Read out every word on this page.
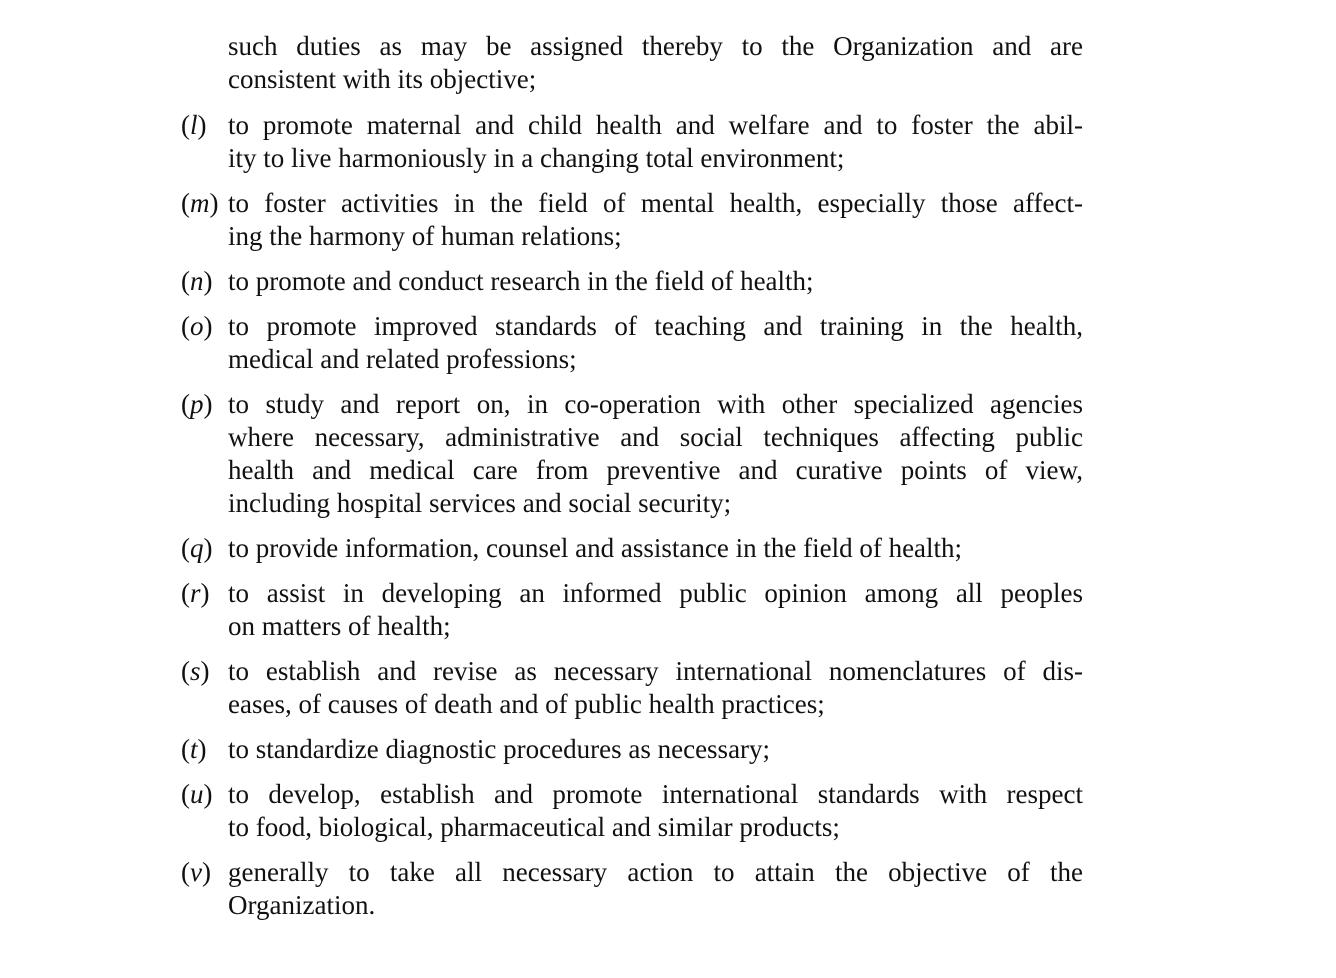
such duties as may be assigned thereby to the Organization and are
consistent with its objective;
(l) to promote maternal and child health and welfare and to foster the abil-
ity to live harmoniously in a changing total environment;
(m) to foster activities in the field of mental health, especially those affect-
ing the harmony of human relations;
(n) to promote and conduct research in the field of health;
(o) to promote improved standards of teaching and training in the health,
medical and related professions;
(p) to study and report on, in co-operation with other specialized agencies
where necessary, administrative and social techniques affecting public
health and medical care from preventive and curative points of view,
including hospital services and social security;
(q) to provide information, counsel and assistance in the field of health;
(r) to assist in developing an informed public opinion among all peoples
on matters of health;
(s) to establish and revise as necessary international nomenclatures of dis-
eases, of causes of death and of public health practices;
(t) to standardize diagnostic procedures as necessary;
(u) to develop, establish and promote international standards with respect
to food, biological, pharmaceutical and similar products;
(v) generally to take all necessary action to attain the objective of the
Organization.
